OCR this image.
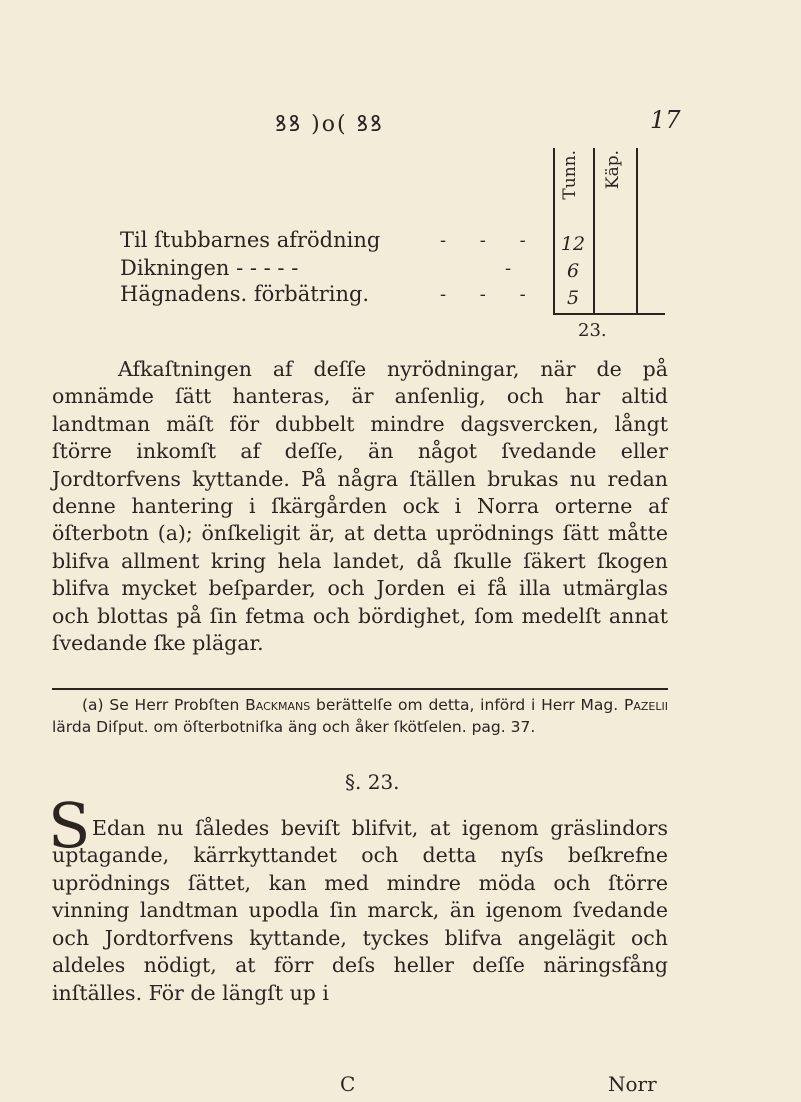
ꝸꝸ )o( ꝸꝸ	17
Tunn. Käp.
Til ſtubbarnes afrödning	- - -	12
Dikningen - - - - -	-	6
Hägnadens. förbätring.	- - -	5
23.

Afkaſtningen af deſſe nyrödningar, när de på omnämde ſätt hanteras, är anſenlig, och har altid landtman mäſt för dubbelt mindre dagsvercken, långt ſtörre inkomſt af deſſe, än något ſvedande eller Jordtorfvens kyttande. På några ſtällen brukas nu redan denne hantering i ſkärgården ock i Norra orterne af öſterbotn (a); önſkeligit är, at detta uprödnings ſätt måtte blifva allment kring hela landet, då ſkulle ſäkert ſkogen blifva mycket beſparder, och Jorden ei få illa utmärglas och blottas på ſin fetma och bördighet, ſom medelſt annat ſvedande ſke plägar.

(a) Se Herr Probſten Backmans berättelſe om detta, införd i Herr Mag. Pazelii lärda Diſput. om öſterbotniſka äng och åker ſkötſelen. pag. 37.
§. 23.
S Edan nu ſåledes beviſt blifvit, at igenom gräslindors uptagande, kärrkyttandet och detta nyſs beſkrefne uprödnings ſättet, kan med mindre möda och ſtörre vinning landtman upodla ſin marck, än igenom ſvedande och Jordtorfvens kyttande, tyckes blifva angelägit och aldeles nödigt, at förr deſs heller deſſe näringsfång inſtälles. För de längſt up i

C	Norr
